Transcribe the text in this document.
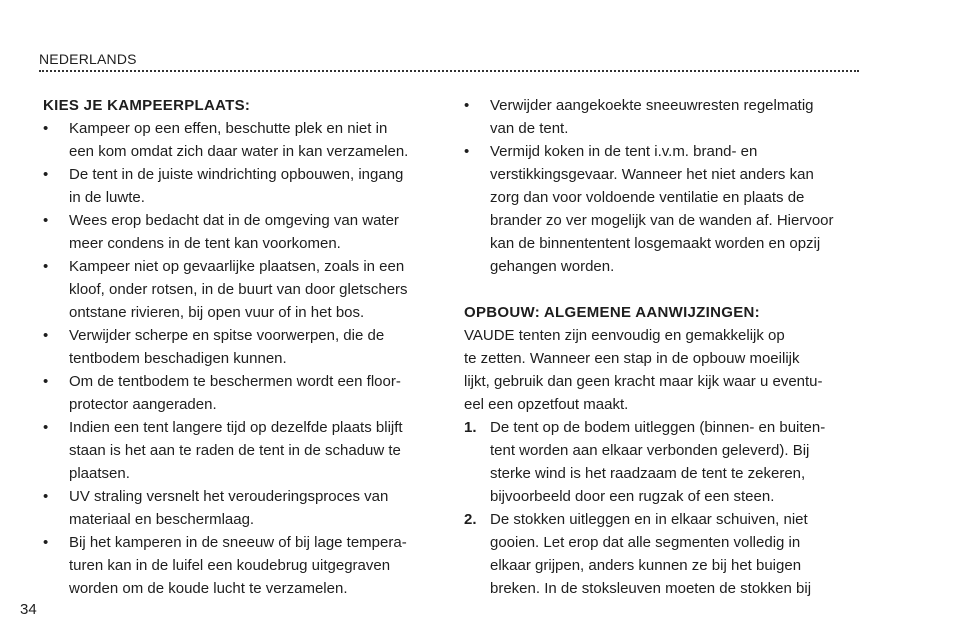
NEDERLANDS

KIES JE KAMPEERPLAATS:

• Kampeer op een effen, beschutte plek en niet in
een kom omdat zich daar water in kan verzamelen.
• De tent in de juiste windrichting opbouwen, ingang
in de luwte.
• Wees erop bedacht dat in de omgeving van water
meer condens in de tent kan voorkomen.
• Kampeer niet op gevaarlijke plaatsen, zoals in een
kloof, onder rotsen, in de buurt van door gletschers
ontstane rivieren, bij open vuur of in het bos.
• Verwijder scherpe en spitse voorwerpen, die de
tentbodem beschadigen kunnen.
• Om de tentbodem te beschermen wordt een floor-
protector aangeraden.
• Indien een tent langere tijd op dezelfde plaats blijft
staan is het aan te raden de tent in de schaduw te
plaatsen.
• UV straling versnelt het verouderingsproces van
materiaal en beschermlaag.
• Bij het kamperen in de sneeuw of bij lage tempera-
turen kan in de luifel een koudebrug uitgegraven
worden om de koude lucht te verzamelen.
• Verwijder aangekoekte sneeuwresten regelmatig
van de tent.
• Vermijd koken in de tent i.v.m. brand- en
verstikkingsgevaar. Wanneer het niet anders kan
zorg dan voor voldoende ventilatie en plaats de
brander zo ver mogelijk van de wanden af. Hiervoor
kan de binnententent losgemaakt worden en opzij
gehangen worden.

OPBOUW: ALGEMENE AANWIJZINGEN:

VAUDE tenten zijn eenvoudig en gemakkelijk op
te zetten. Wanneer een stap in de opbouw moeilijk
lijkt, gebruik dan geen kracht maar kijk waar u eventu-
eel een opzetfout maakt.
1. De tent op de bodem uitleggen (binnen- en buiten-
tent worden aan elkaar verbonden geleverd). Bij
sterke wind is het raadzaam de tent te zekeren,
bijvoorbeeld door een rugzak of een steen.
2. De stokken uitleggen en in elkaar schuiven, niet
gooien. Let erop dat alle segmenten volledig in
elkaar grijpen, anders kunnen ze bij het buigen
breken. In de stoksleuven moeten de stokken bij
34
